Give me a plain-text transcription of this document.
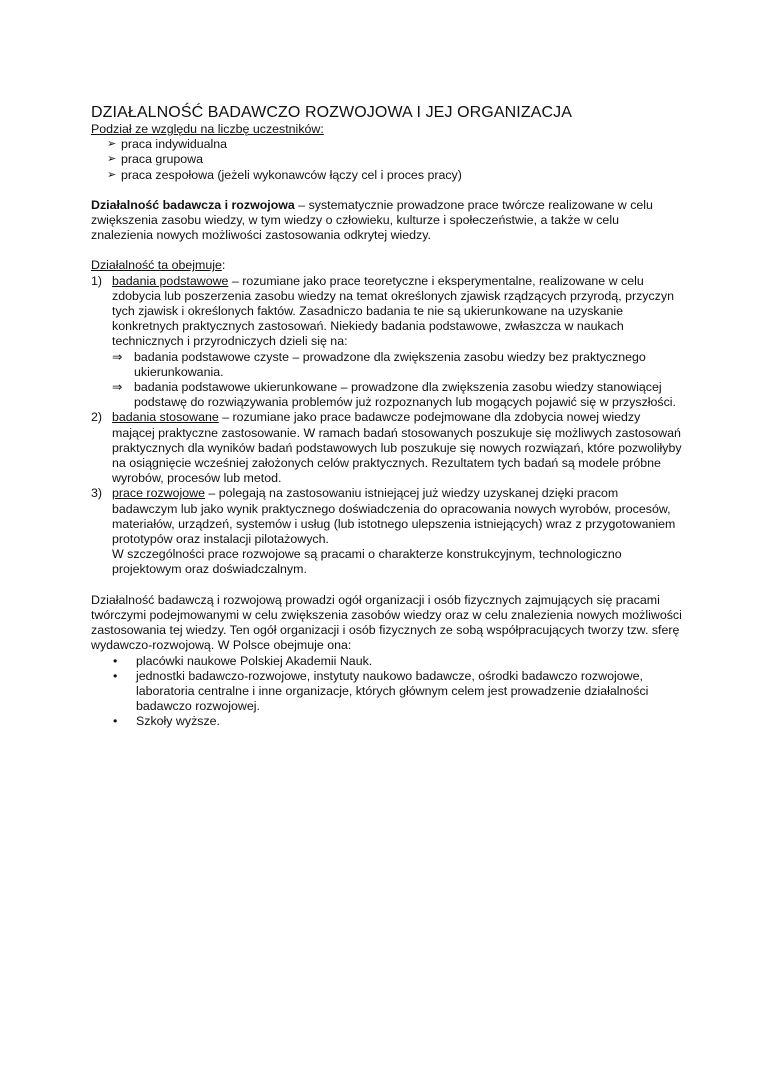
DZIAŁALNOŚĆ BADAWCZO ROZWOJOWA I JEJ ORGANIZACJA

Podział ze względu na liczbę uczestników:

➢ praca indywidualna
➢ praca grupowa
➢ praca zespołowa (jeżeli wykonawców łączy cel i proces pracy)

Działalność badawcza i rozwojowa – systematycznie prowadzone prace twórcze realizowane w celu zwiększenia zasobu wiedzy, w tym wiedzy o człowieku, kulturze i społeczeństwie, a także w celu znalezienia nowych możliwości zastosowania odkrytej wiedzy.

Działalność ta obejmuje:

1) badania podstawowe – rozumiane jako prace teoretyczne i eksperymentalne, realizowane w celu zdobycia lub poszerzenia zasobu wiedzy na temat określonych zjawisk rządzących przyrodą, przyczyn tych zjawisk i określonych faktów. Zasadniczo badania te nie są ukierunkowane na uzyskanie konkretnych praktycznych zastosowań. Niekiedy badania podstawowe, zwłaszcza w naukach technicznych i przyrodniczych dzieli się na:
⇒ badania podstawowe czyste – prowadzone dla zwiększenia zasobu wiedzy bez praktycznego ukierunkowania.
⇒ badania podstawowe ukierunkowane – prowadzone dla zwiększenia zasobu wiedzy stanowiącej podstawę do rozwiązywania problemów już rozpoznanych lub mogących pojawić się w przyszłości.
2) badania stosowane – rozumiane jako prace badawcze podejmowane dla zdobycia nowej wiedzy mającej praktyczne zastosowanie. W ramach badań stosowanych poszukuje się możliwych zastosowań praktycznych dla wyników badań podstawowych lub poszukuje się nowych rozwiązań, które pozwoliłyby na osiągnięcie wcześniej założonych celów praktycznych. Rezultatem tych badań są modele próbne wyrobów, procesów lub metod.
3) prace rozwojowe – polegają na zastosowaniu istniejącej już wiedzy uzyskanej dzięki pracom badawczym lub jako wynik praktycznego doświadczenia do opracowania nowych wyrobów, procesów, materiałów, urządzeń, systemów i usług (lub istotnego ulepszenia istniejących) wraz z przygotowaniem prototypów oraz instalacji pilotażowych.

W szczególności prace rozwojowe są pracami o charakterze konstrukcyjnym, technologiczno projektowym oraz doświadczalnym.

Działalność badawczą i rozwojową prowadzi ogół organizacji i osób fizycznych zajmujących się pracami twórczymi podejmowanymi w celu zwiększenia zasobów wiedzy oraz w celu znalezienia nowych możliwości zastosowania tej wiedzy. Ten ogół organizacji i osób fizycznych ze sobą współpracujących tworzy tzw. sferę wydawczo-rozwojową. W Polsce obejmuje ona:

• placówki naukowe Polskiej Akademii Nauk.
• jednostki badawczo-rozwojowe, instytuty naukowo badawcze, ośrodki badawczo rozwojowe, laboratoria centralne i inne organizacje, których głównym celem jest prowadzenie działalności badawczo rozwojowej.
• Szkoły wyższe.
